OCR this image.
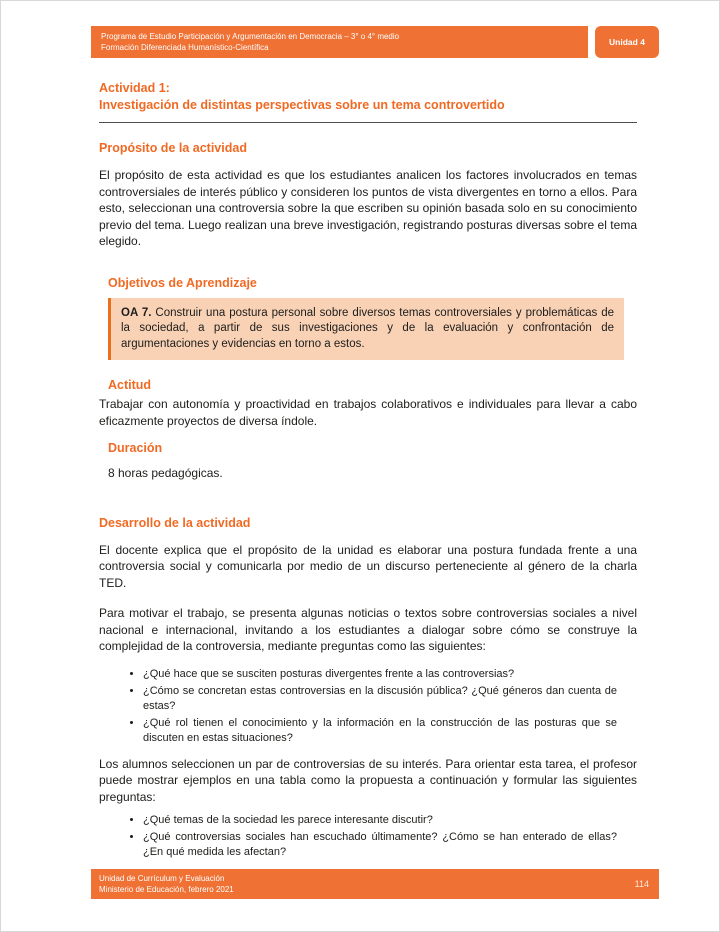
Programa de Estudio Participación y Argumentación en Democracia – 3° o 4° medio
Formación Diferenciada Humanístico-Científica
Unidad 4
Actividad 1:
Investigación de distintas perspectivas sobre un tema controvertido
Propósito de la actividad

El propósito de esta actividad es que los estudiantes analicen los factores involucrados en temas controversiales de interés público y consideren los puntos de vista divergentes en torno a ellos. Para esto, seleccionan una controversia sobre la que escriben su opinión basada solo en su conocimiento previo del tema. Luego realizan una breve investigación, registrando posturas diversas sobre el tema elegido.

Objetivos de Aprendizaje
OA 7. Construir una postura personal sobre diversos temas controversiales y problemáticas de la sociedad, a partir de sus investigaciones y de la evaluación y confrontación de argumentaciones y evidencias en torno a estos.
Actitud

Trabajar con autonomía y proactividad en trabajos colaborativos e individuales para llevar a cabo eficazmente proyectos de diversa índole.

Duración

8 horas pedagógicas.

Desarrollo de la actividad

El docente explica que el propósito de la unidad es elaborar una postura fundada frente a una controversia social y comunicarla por medio de un discurso perteneciente al género de la charla TED.

Para motivar el trabajo, se presenta algunas noticias o textos sobre controversias sociales a nivel nacional e internacional, invitando a los estudiantes a dialogar sobre cómo se construye la complejidad de la controversia, mediante preguntas como las siguientes:

• ¿Qué hace que se susciten posturas divergentes frente a las controversias?
• ¿Cómo se concretan estas controversias en la discusión pública? ¿Qué géneros dan cuenta de estas?
• ¿Qué rol tienen el conocimiento y la información en la construcción de las posturas que se discuten en estas situaciones?

Los alumnos seleccionen un par de controversias de su interés. Para orientar esta tarea, el profesor puede mostrar ejemplos en una tabla como la propuesta a continuación y formular las siguientes preguntas:

• ¿Qué temas de la sociedad les parece interesante discutir?
• ¿Qué controversias sociales han escuchado últimamente? ¿Cómo se han enterado de ellas? ¿En qué medida les afectan?
Unidad de Currículum y Evaluación
Ministerio de Educación, febrero 2021
114
